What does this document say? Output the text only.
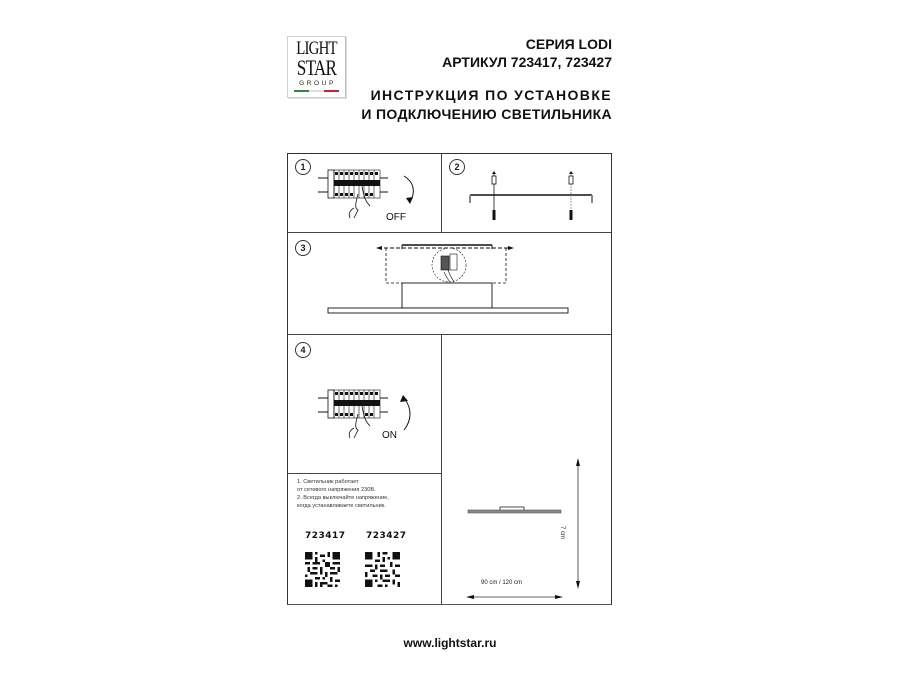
LIGHT
STAR
GROUP
СЕРИЯ LODI
АРТИКУЛ 723417, 723427
ИНСТРУКЦИЯ ПО УСТАНОВКЕ
И ПОДКЛЮЧЕНИЮ СВЕТИЛЬНИКА
1
OFF
2
3
4
ON
90 cm / 120 cm
7 cm
1. Светильник работает
от сетевого напряжения 230В.
2. Всегда выключайте напряжение,
когда устанавливаете светильник.
723417 723427
www.lightstar.ru
